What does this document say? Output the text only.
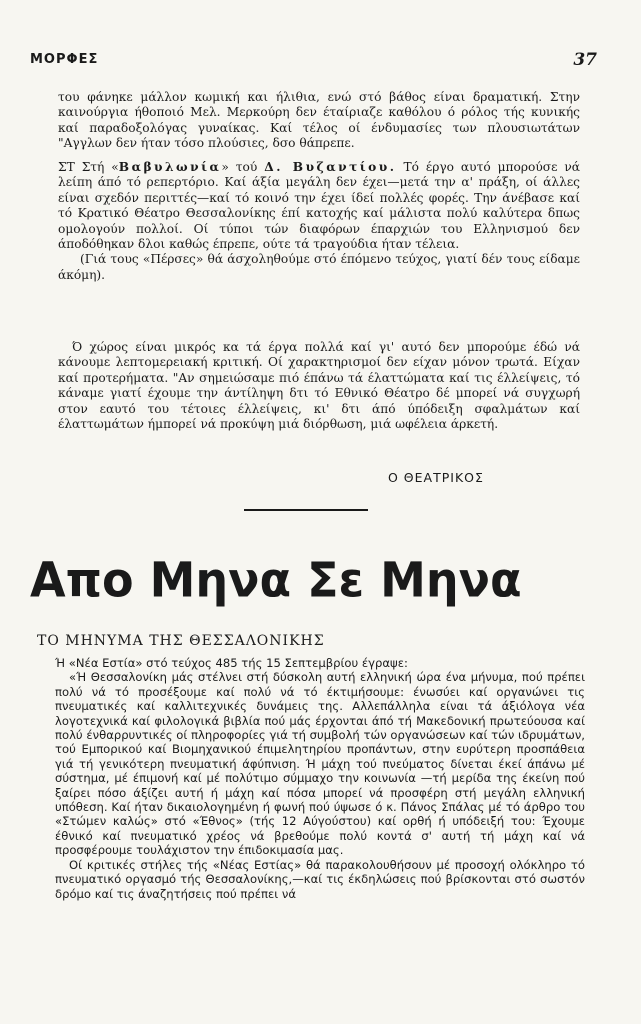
ΜΟΡΦΕΣ	37

του φάνηκε μάλλον κωμική και ήλιθια, ενώ στό βάθος είναι δραματική. Στην καινούργια ήθοποιό Μελ. Μερκούρη δεν έταίριαζε καθόλου ό ρόλος τής κυνικής καί παραδοξολόγας γυναίκας. Καί τέλος οί ένδυμασίες των πλουσιωτάτων "Αγγλων δεν ήταν τόσο πλούσιες, δσο θάπρεπε.

ΣΤ Στή «Βαβυλωνία» τού Δ. Βυζαντίου. Τό έργο αυτό μπορούσε νά λείπη άπό τό ρεπερτόριο. Καί άξία μεγάλη δεν έχει—μετά την α' πράξη, οί άλλες είναι σχεδόν περιττές—καί τό κοινό την έχει ίδεί πολλές φορές. Την άνέβασε καί τό Κρατικό Θέατρο Θεσσαλονίκης έπί κατοχής καί μάλιστα πολύ καλύτερα δπως ομολογούν πολλοί. Οί τύποι τών διαφόρων έπαρχιών του Ελληνισμού δεν άποδόθηκαν δλοι καθώς έπρεπε, ούτε τά τραγούδια ήταν τέλεια.

(Γιά τους «Πέρσες» θά άσχοληθούμε στό έπόμενο τεύχος, γιατί δέν τους είδαμε άκόμη).

Ό χώρος είναι μικρός κα τά έργα πολλά καί γι' αυτό δεν μπορούμε έδώ νά κάνουμε λεπτομερειακή κριτική. Οί χαρακτηρισμοί δεν είχαν μόνον τρωτά. Είχαν καί προτερήματα. "Αν σημειώσαμε πιό έπάνω τά έλαττώματα καί τις έλλείψεις, τό κάναμε γιατί έχουμε την άντίληψη δτι τό Εθνικό Θέατρο δέ μπορεί νά συγχωρή στον εαυτό του τέτοιες έλλείψεις, κι' δτι άπό ύπόδειξη σφαλμάτων καί έλαττωμάτων ήμπορεί νά προκύψη μιά διόρθωση, μιά ωφέλεια άρκετή.

Ο ΘΕΑΤΡΙΚΟΣ
Απο Μηνα Σε Μηνα
ΤΟ ΜΗΝΥΜΑ ΤΗΣ ΘΕΣΣΑΛΟΝΙΚΗΣ

Ή «Νέα Εστία» στό τεύχος 485 τής 15 Σεπτεμβρίου έγραψε:

«Ή Θεσσαλονίκη μάς στέλνει στή δύσκολη αυτή ελληνική ώρα ένα μήνυμα, πού πρέπει πολύ νά τό προσέξουμε καί πολύ νά τό έκτιμήσουμε: ένωσύει καί οργανώνει τις πνευματικές καί καλλιτεχνικές δυνάμεις της. Αλλεπάλληλα είναι τά άξιόλογα νέα λογοτεχνικά καί φιλολογικά βιβλία πού μάς έρχονται άπό τή Μακεδονική πρωτεύουσα καί πολύ ένθαρρυντικές οί πληροφορίες γιά τή συμβολή τών οργανώσεων καί τών ιδρυμάτων, τού Εμπορικού καί Βιομηχανικού έπιμελητηρίου προπάντων, στην ευρύτερη προσπάθεια γιά τή γενικότερη πνευματική άφύπνιση. Ή μάχη τού πνεύματος δίνεται έκεί άπάνω μέ σύστημα, μέ έπιμονή καί μέ πολύτιμο σύμμαχο την κοινωνία —τή μερίδα της έκείνη πού ξαίρει πόσο άξίζει αυτή ή μάχη καί πόσα μπορεί νά προσφέρη στή μεγάλη ελληνική υπόθεση. Καί ήταν δικαιολογημένη ή φωνή πού ύψωσε ό κ. Πάνος Σπάλας μέ τό άρθρο του «Στώμεν καλώς» στό «Έθνος» (τής 12 Αύγούστου) καί ορθή ή υπόδειξή του: Έχουμε έθνικό καί πνευματικό χρέος νά βρεθούμε πολύ κοντά σ' αυτή τή μάχη καί νά προσφέρουμε τουλάχιστον την έπιδοκιμασία μας.

Οί κριτικές στήλες τής «Νέας Εστίας» θά παρακολουθήσουν μέ προσοχή ολόκληρο τό πνευματικό οργασμό τής Θεσσαλονίκης,—καί τις έκδηλώσεις πού βρίσκονται στό σωστόν δρόμο καί τις άναζητήσεις πού πρέπει νά
